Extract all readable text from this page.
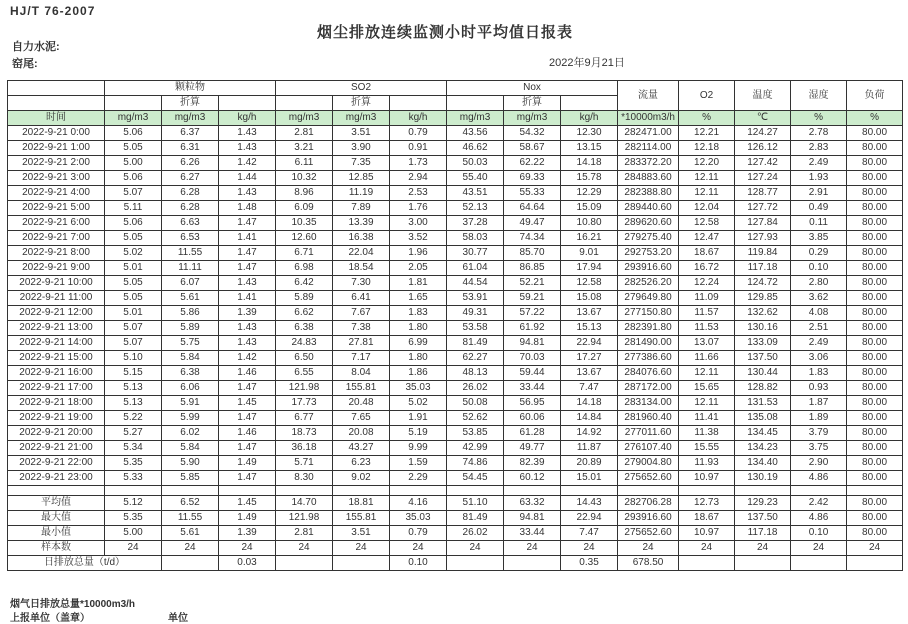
HJ/T 76-2007
烟尘排放连续监测小时平均值日报表
自力水泥:
窑尾:	2022年9月21日
	颗粒物			SO2			Nox			流量	O2	温度	湿度	负荷
		折算			折算			折算						
时间	mg/m3	mg/m3	kg/h	mg/m3	mg/m3	kg/h	mg/m3	mg/m3	kg/h	*10000m3/h	%	℃	%	%
2022-9-21 0:00	5.06	6.37	1.43	2.81	3.51	0.79	43.56	54.32	12.30	282471.00	12.21	124.27	2.78	80.00
2022-9-21 1:00	5.05	6.31	1.43	3.21	3.90	0.91	46.62	58.67	13.15	282114.00	12.18	126.12	2.83	80.00
2022-9-21 2:00	5.00	6.26	1.42	6.11	7.35	1.73	50.03	62.22	14.18	283372.20	12.20	127.42	2.49	80.00
2022-9-21 3:00	5.06	6.27	1.44	10.32	12.85	2.94	55.40	69.33	15.78	284883.60	12.11	127.24	1.93	80.00
2022-9-21 4:00	5.07	6.28	1.43	8.96	11.19	2.53	43.51	55.33	12.29	282388.80	12.11	128.77	2.91	80.00
2022-9-21 5:00	5.11	6.28	1.48	6.09	7.89	1.76	52.13	64.64	15.09	289440.60	12.04	127.72	0.49	80.00
2022-9-21 6:00	5.06	6.63	1.47	10.35	13.39	3.00	37.28	49.47	10.80	289620.60	12.58	127.84	0.11	80.00
2022-9-21 7:00	5.05	6.53	1.41	12.60	16.38	3.52	58.03	74.34	16.21	279275.40	12.47	127.93	3.85	80.00
2022-9-21 8:00	5.02	11.55	1.47	6.71	22.04	1.96	30.77	85.70	9.01	292753.20	18.67	119.84	0.29	80.00
2022-9-21 9:00	5.01	11.11	1.47	6.98	18.54	2.05	61.04	86.85	17.94	293916.60	16.72	117.18	0.10	80.00
2022-9-21 10:00	5.05	6.07	1.43	6.42	7.30	1.81	44.54	52.21	12.58	282526.20	12.24	124.72	2.80	80.00
2022-9-21 11:00	5.05	5.61	1.41	5.89	6.41	1.65	53.91	59.21	15.08	279649.80	11.09	129.85	3.62	80.00
2022-9-21 12:00	5.01	5.86	1.39	6.62	7.67	1.83	49.31	57.22	13.67	277150.80	11.57	132.62	4.08	80.00
2022-9-21 13:00	5.07	5.89	1.43	6.38	7.38	1.80	53.58	61.92	15.13	282391.80	11.53	130.16	2.51	80.00
2022-9-21 14:00	5.07	5.75	1.43	24.83	27.81	6.99	81.49	94.81	22.94	281490.00	13.07	133.09	2.49	80.00
2022-9-21 15:00	5.10	5.84	1.42	6.50	7.17	1.80	62.27	70.03	17.27	277386.60	11.66	137.50	3.06	80.00
2022-9-21 16:00	5.15	6.38	1.46	6.55	8.04	1.86	48.13	59.44	13.67	284076.60	12.11	130.44	1.83	80.00
2022-9-21 17:00	5.13	6.06	1.47	121.98	155.81	35.03	26.02	33.44	7.47	287172.00	15.65	128.82	0.93	80.00
2022-9-21 18:00	5.13	5.91	1.45	17.73	20.48	5.02	50.08	56.95	14.18	283134.00	12.11	131.53	1.87	80.00
2022-9-21 19:00	5.22	5.99	1.47	6.77	7.65	1.91	52.62	60.06	14.84	281960.40	11.41	135.08	1.89	80.00
2022-9-21 20:00	5.27	6.02	1.46	18.73	20.08	5.19	53.85	61.28	14.92	277011.60	11.38	134.45	3.79	80.00
2022-9-21 21:00	5.34	5.84	1.47	36.18	43.27	9.99	42.99	49.77	11.87	276107.40	15.55	134.23	3.75	80.00
2022-9-21 22:00	5.35	5.90	1.49	5.71	6.23	1.59	74.86	82.39	20.89	279004.80	11.93	134.40	2.90	80.00
2022-9-21 23:00	5.33	5.85	1.47	8.30	9.02	2.29	54.45	60.12	15.01	275652.60	10.97	130.19	4.86	80.00

平均值	5.12	6.52	1.45	14.70	18.81	4.16	51.10	63.32	14.43	282706.28	12.73	129.23	2.42	80.00
最大值	5.35	11.55	1.49	121.98	155.81	35.03	81.49	94.81	22.94	293916.60	18.67	137.50	4.86	80.00
最小值	5.00	5.61	1.39	2.81	3.51	0.79	26.02	33.44	7.47	275652.60	10.97	117.18	0.10	80.00
样本数	24	24	24	24	24	24	24	24	24	24	24	24	24	24
日排放总量（t/d）			0.03			0.10			0.35	678.50				
烟气日排放总量*10000m3/h
上报单位（盖章）	单位
